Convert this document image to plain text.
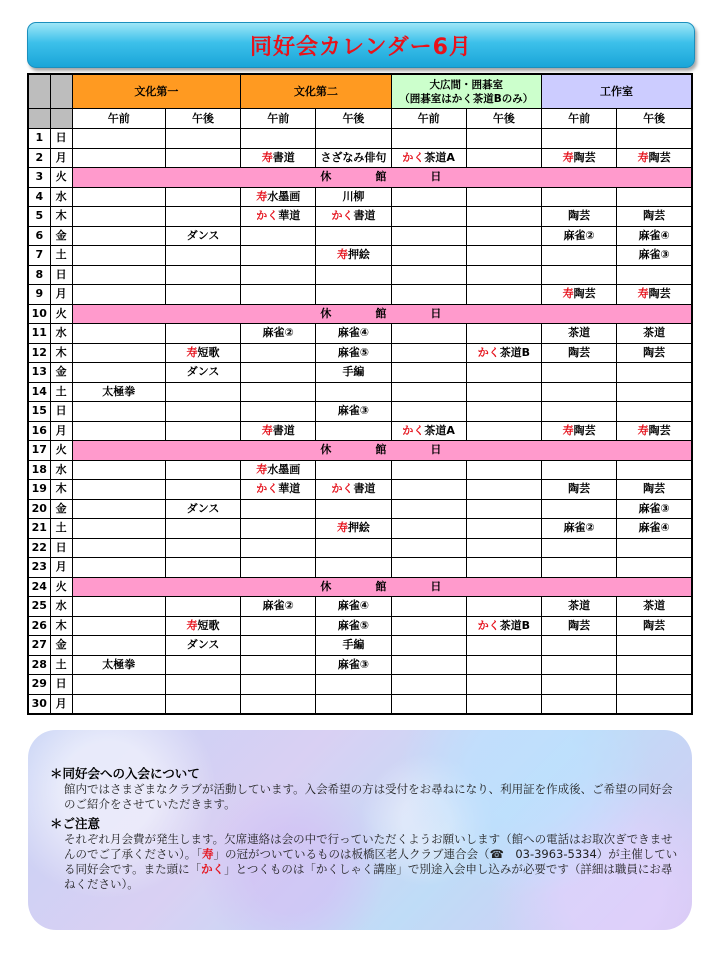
同好会カレンダー6月
		文化第一		文化第二		大広間・囲碁室
（囲碁室はかく茶道Bのみ）		工作室	
		午前	午後	午前	午後	午前	午後	午前	午後
1	日								
2	月			寿書道	さざなみ俳句	かく茶道A		寿陶芸	寿陶芸
3	火	休 館 日							
4	水			寿水墨画	川柳				
5	木			かく華道	かく書道			陶芸	陶芸
6	金		ダンス					麻雀②	麻雀④
7	土				寿押絵				麻雀③
8	日								
9	月							寿陶芸	寿陶芸
10	火	休 館 日							
11	水			麻雀②	麻雀④			茶道	茶道
12	木		寿短歌		麻雀⑤		かく茶道B	陶芸	陶芸
13	金		ダンス		手編				
14	土	太極拳							
15	日				麻雀③				
16	月			寿書道		かく茶道A		寿陶芸	寿陶芸
17	火	休 館 日							
18	水			寿水墨画					
19	木			かく華道	かく書道			陶芸	陶芸
20	金		ダンス						麻雀③
21	土				寿押絵			麻雀②	麻雀④
22	日								
23	月								
24	火	休 館 日							
25	水			麻雀②	麻雀④			茶道	茶道
26	木		寿短歌		麻雀⑤		かく茶道B	陶芸	陶芸
27	金		ダンス		手編				
28	土	太極拳			麻雀③				
29	日								
30	月								
＊同好会への入会について
館内ではさまざまなクラブが活動しています。入会希望の方は受付をお尋ねになり、利用証を作成後、ご希望の同好会のご紹介をさせていただきます。
＊ご注意
それぞれ月会費が発生します。欠席連絡は会の中で行っていただくようお願いします（館への電話はお取次ぎできませんのでご了承ください）。「寿」の冠がついているものは板橋区老人クラブ連合会（☎　03-3963-5334）が主催している同好会です。また頭に「かく」とつくものは「かくしゃく講座」で別途入会申し込みが必要です（詳細は職員にお尋ねください）。
